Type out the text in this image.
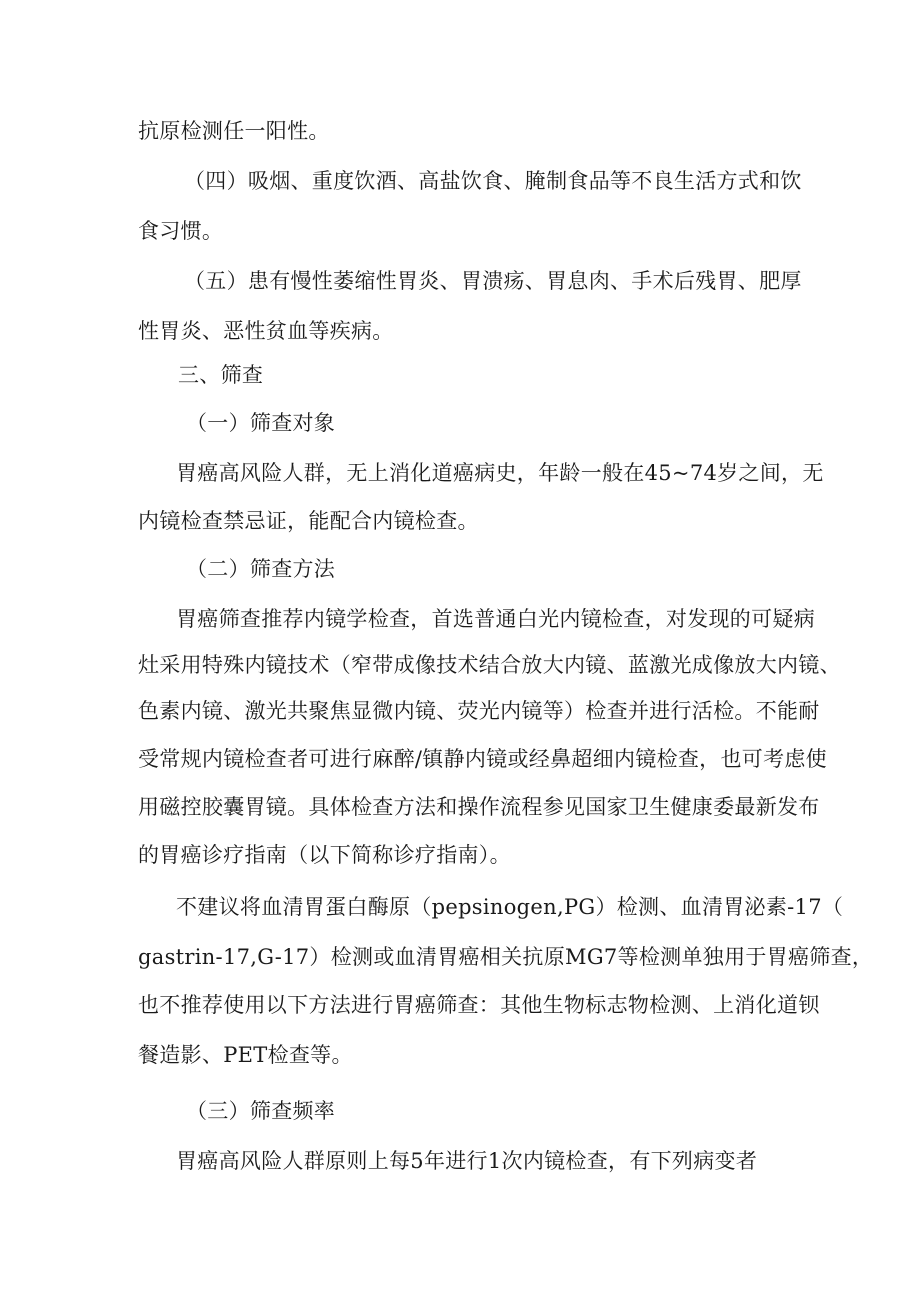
抗原检测任一阳性。
（四）吸烟、重度饮酒、高盐饮食、腌制食品等不良生活方式和饮
食习惯。
（五）患有慢性萎缩性胃炎、胃溃疡、胃息肉、手术后残胃、肥厚
性胃炎、恶性贫血等疾病。
三、筛查
（一）筛查对象
胃癌高风险人群，无上消化道癌病史，年龄一般在45~74岁之间，无
内镜检查禁忌证，能配合内镜检查。
（二）筛查方法
胃癌筛查推荐内镜学检查，首选普通白光内镜检查，对发现的可疑病
灶采用特殊内镜技术（窄带成像技术结合放大内镜、蓝激光成像放大内镜、
色素内镜、激光共聚焦显微内镜、荧光内镜等）检查并进行活检。不能耐
受常规内镜检查者可进行麻醉/镇静内镜或经鼻超细内镜检查，也可考虑使
用磁控胶囊胃镜。具体检查方法和操作流程参见国家卫生健康委最新发布
的胃癌诊疗指南（以下简称诊疗指南）。
不建议将血清胃蛋白酶原（pepsinogen,PG）检测、血清胃泌素-17（
gastrin-17,G-17）检测或血清胃癌相关抗原MG7等检测单独用于胃癌筛查，
也不推荐使用以下方法进行胃癌筛查：其他生物标志物检测、上消化道钡
餐造影、PET检查等。
（三）筛查频率
胃癌高风险人群原则上每5年进行1次内镜检查，有下列病变者
